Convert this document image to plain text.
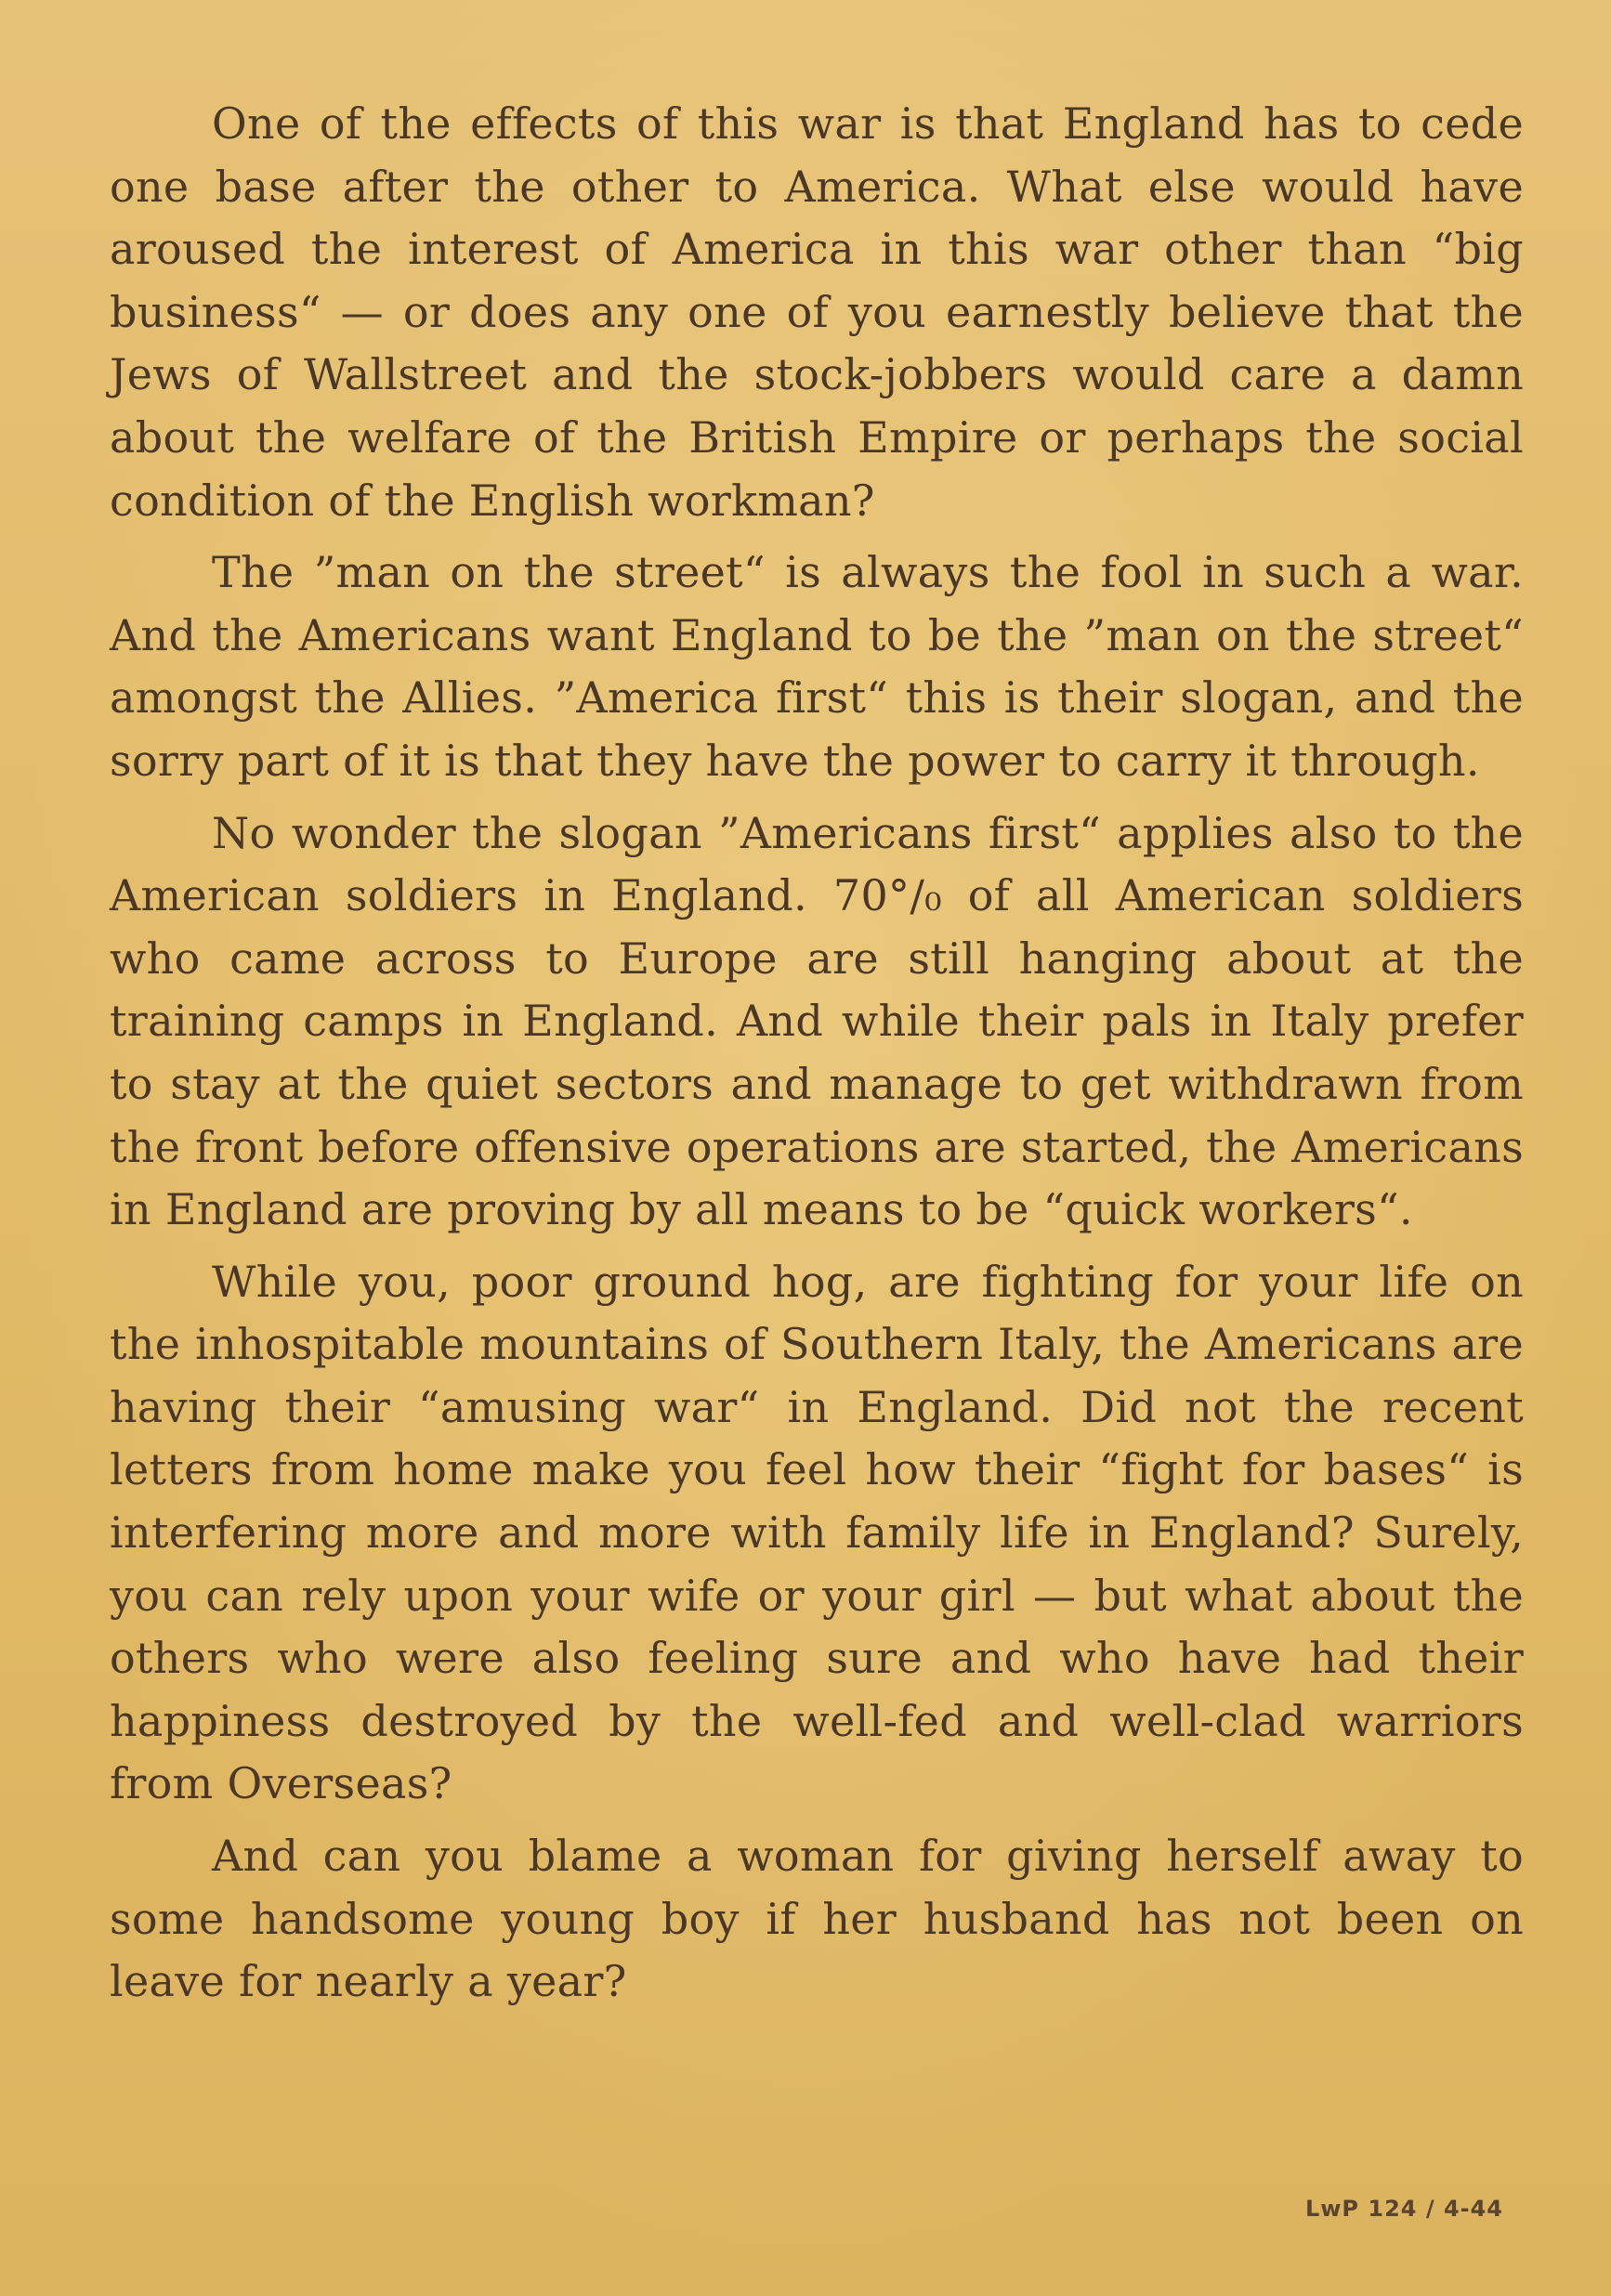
One of the effects of this war is that England has to cede one base after the other to America. What else would have aroused the interest of America in this war other than “big business“ — or does any one of you earnestly believe that the Jews of Wallstreet and the stock-jobbers would care a damn about the welfare of the British Empire or perhaps the social condition of the English workman?

The ”man on the street“ is always the fool in such a war. And the Americans want England to be the ”man on the street“ amongst the Allies. ”America first“ this is their slogan, and the sorry part of it is that they have the power to carry it through.

No wonder the slogan ”Americans first“ applies also to the American soldiers in England. 70°/₀ of all American soldiers who came across to Europe are still hanging about at the training camps in England. And while their pals in Italy prefer to stay at the quiet sectors and manage to get withdrawn from the front before offensive operations are started, the Americans in England are proving by all means to be “quick workers“.

While you, poor ground hog, are fighting for your life on the inhospitable mountains of Southern Italy, the Americans are having their “amusing war“ in England. Did not the recent letters from home make you feel how their “fight for bases“ is interfering more and more with family life in England? Surely, you can rely upon your wife or your girl — but what about the others who were also feeling sure and who have had their happiness destroyed by the well-fed and well-clad warriors from Overseas?

And can you blame a woman for giving herself away to some handsome young boy if her husband has not been on leave for nearly a year?

LwP 124 / 4-44
